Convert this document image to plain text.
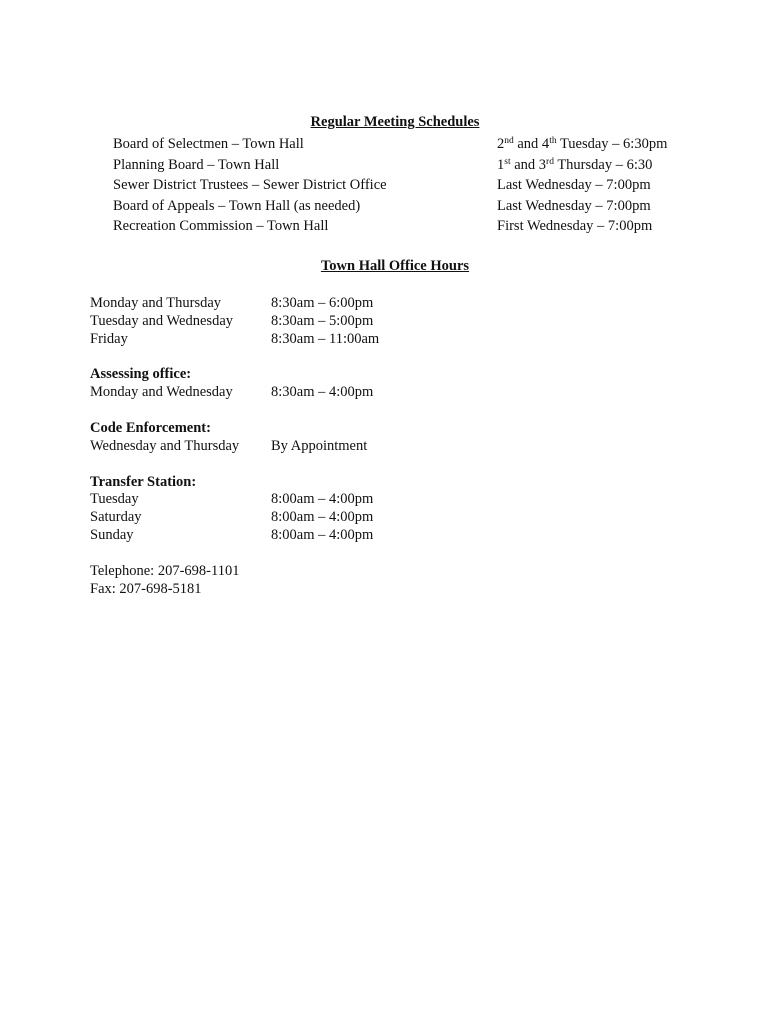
Regular Meeting Schedules
Board of Selectmen – Town Hall	2nd and 4th Tuesday – 6:30pm
Planning Board – Town Hall	1st and 3rd Thursday – 6:30
Sewer District Trustees – Sewer District Office	Last Wednesday – 7:00pm
Board of Appeals – Town Hall (as needed)	Last Wednesday – 7:00pm
Recreation Commission – Town Hall	First Wednesday – 7:00pm
Town Hall Office Hours
Monday and Thursday	8:30am – 6:00pm
Tuesday and Wednesday	8:30am – 5:00pm
Friday	8:30am – 11:00am
Assessing office:
Monday and Wednesday	8:30am – 4:00pm
Code Enforcement:
Wednesday and Thursday By Appointment
Transfer Station:
Tuesday	8:00am – 4:00pm
Saturday	8:00am – 4:00pm
Sunday	8:00am – 4:00pm
Telephone: 207-698-1101
Fax: 207-698-5181
